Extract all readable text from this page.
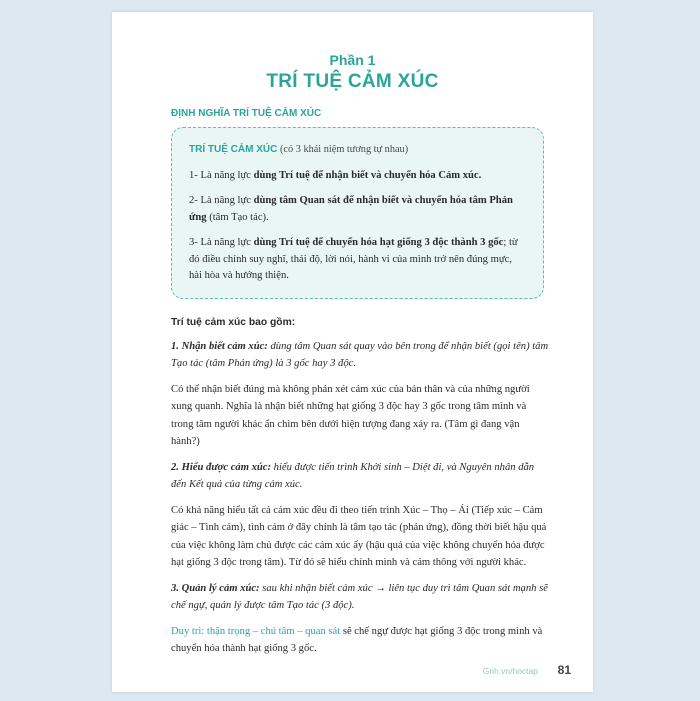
Phần 1
TRÍ TUỆ CẢM XÚC
ĐỊNH NGHĨA TRÍ TUỆ CẢM XÚC

TRÍ TUỆ CẢM XÚC (có 3 khái niệm tương tự nhau)

1- Là năng lực dùng Trí tuệ để nhận biết và chuyển hóa Cảm xúc.

2- Là năng lực dùng tâm Quan sát để nhận biết và chuyển hóa tâm Phản ứng (tâm Tạo tác).

3- Là năng lực dùng Trí tuệ để chuyển hóa hạt giống 3 độc thành 3 gốc; từ đó điều chỉnh suy nghĩ, thái độ, lời nói, hành vi của mình trở nên đúng mực, hài hòa và hướng thiện.

Trí tuệ cảm xúc bao gồm:

1. Nhận biết cảm xúc: dùng tâm Quan sát quay vào bên trong để nhận biết (gọi tên) tâm Tạo tác (tâm Phản ứng) là 3 gốc hay 3 độc.

Có thể nhận biết đúng mà không phán xét cảm xúc của bản thân và của những người xung quanh. Nghĩa là nhận biết những hạt giống 3 độc hay 3 gốc trong tâm mình và trong tâm người khác ẩn chìm bên dưới hiện tượng đang xảy ra. (Tâm gì đang vận hành?)

2. Hiểu được cảm xúc: hiểu được tiến trình Khởi sinh – Diệt đi, và Nguyên nhân dẫn đến Kết quả của từng cảm xúc.

Có khả năng hiểu tất cả cảm xúc đều đi theo tiến trình Xúc – Thọ – Ái (Tiếp xúc – Cảm giác – Tình cảm), tình cảm ở đây chính là tâm tạo tác (phản ứng), đồng thời biết hậu quả của việc không làm chủ được các cảm xúc ấy (hậu quả của việc không chuyển hóa được hạt giống 3 độc trong tâm). Từ đó sẽ hiểu chính mình và cảm thông với người khác.

3. Quản lý cảm xúc: sau khi nhận biết cảm xúc → liên tục duy trì tâm Quan sát mạnh sẽ chế ngự, quản lý được tâm Tạo tác (3 độc).

Duy trì: thận trọng – chú tâm – quan sát sẽ chế ngự được hạt giống 3 độc trong mình và chuyển hóa thành hạt giống 3 gốc.

Gnh.vn/hoctap 81
